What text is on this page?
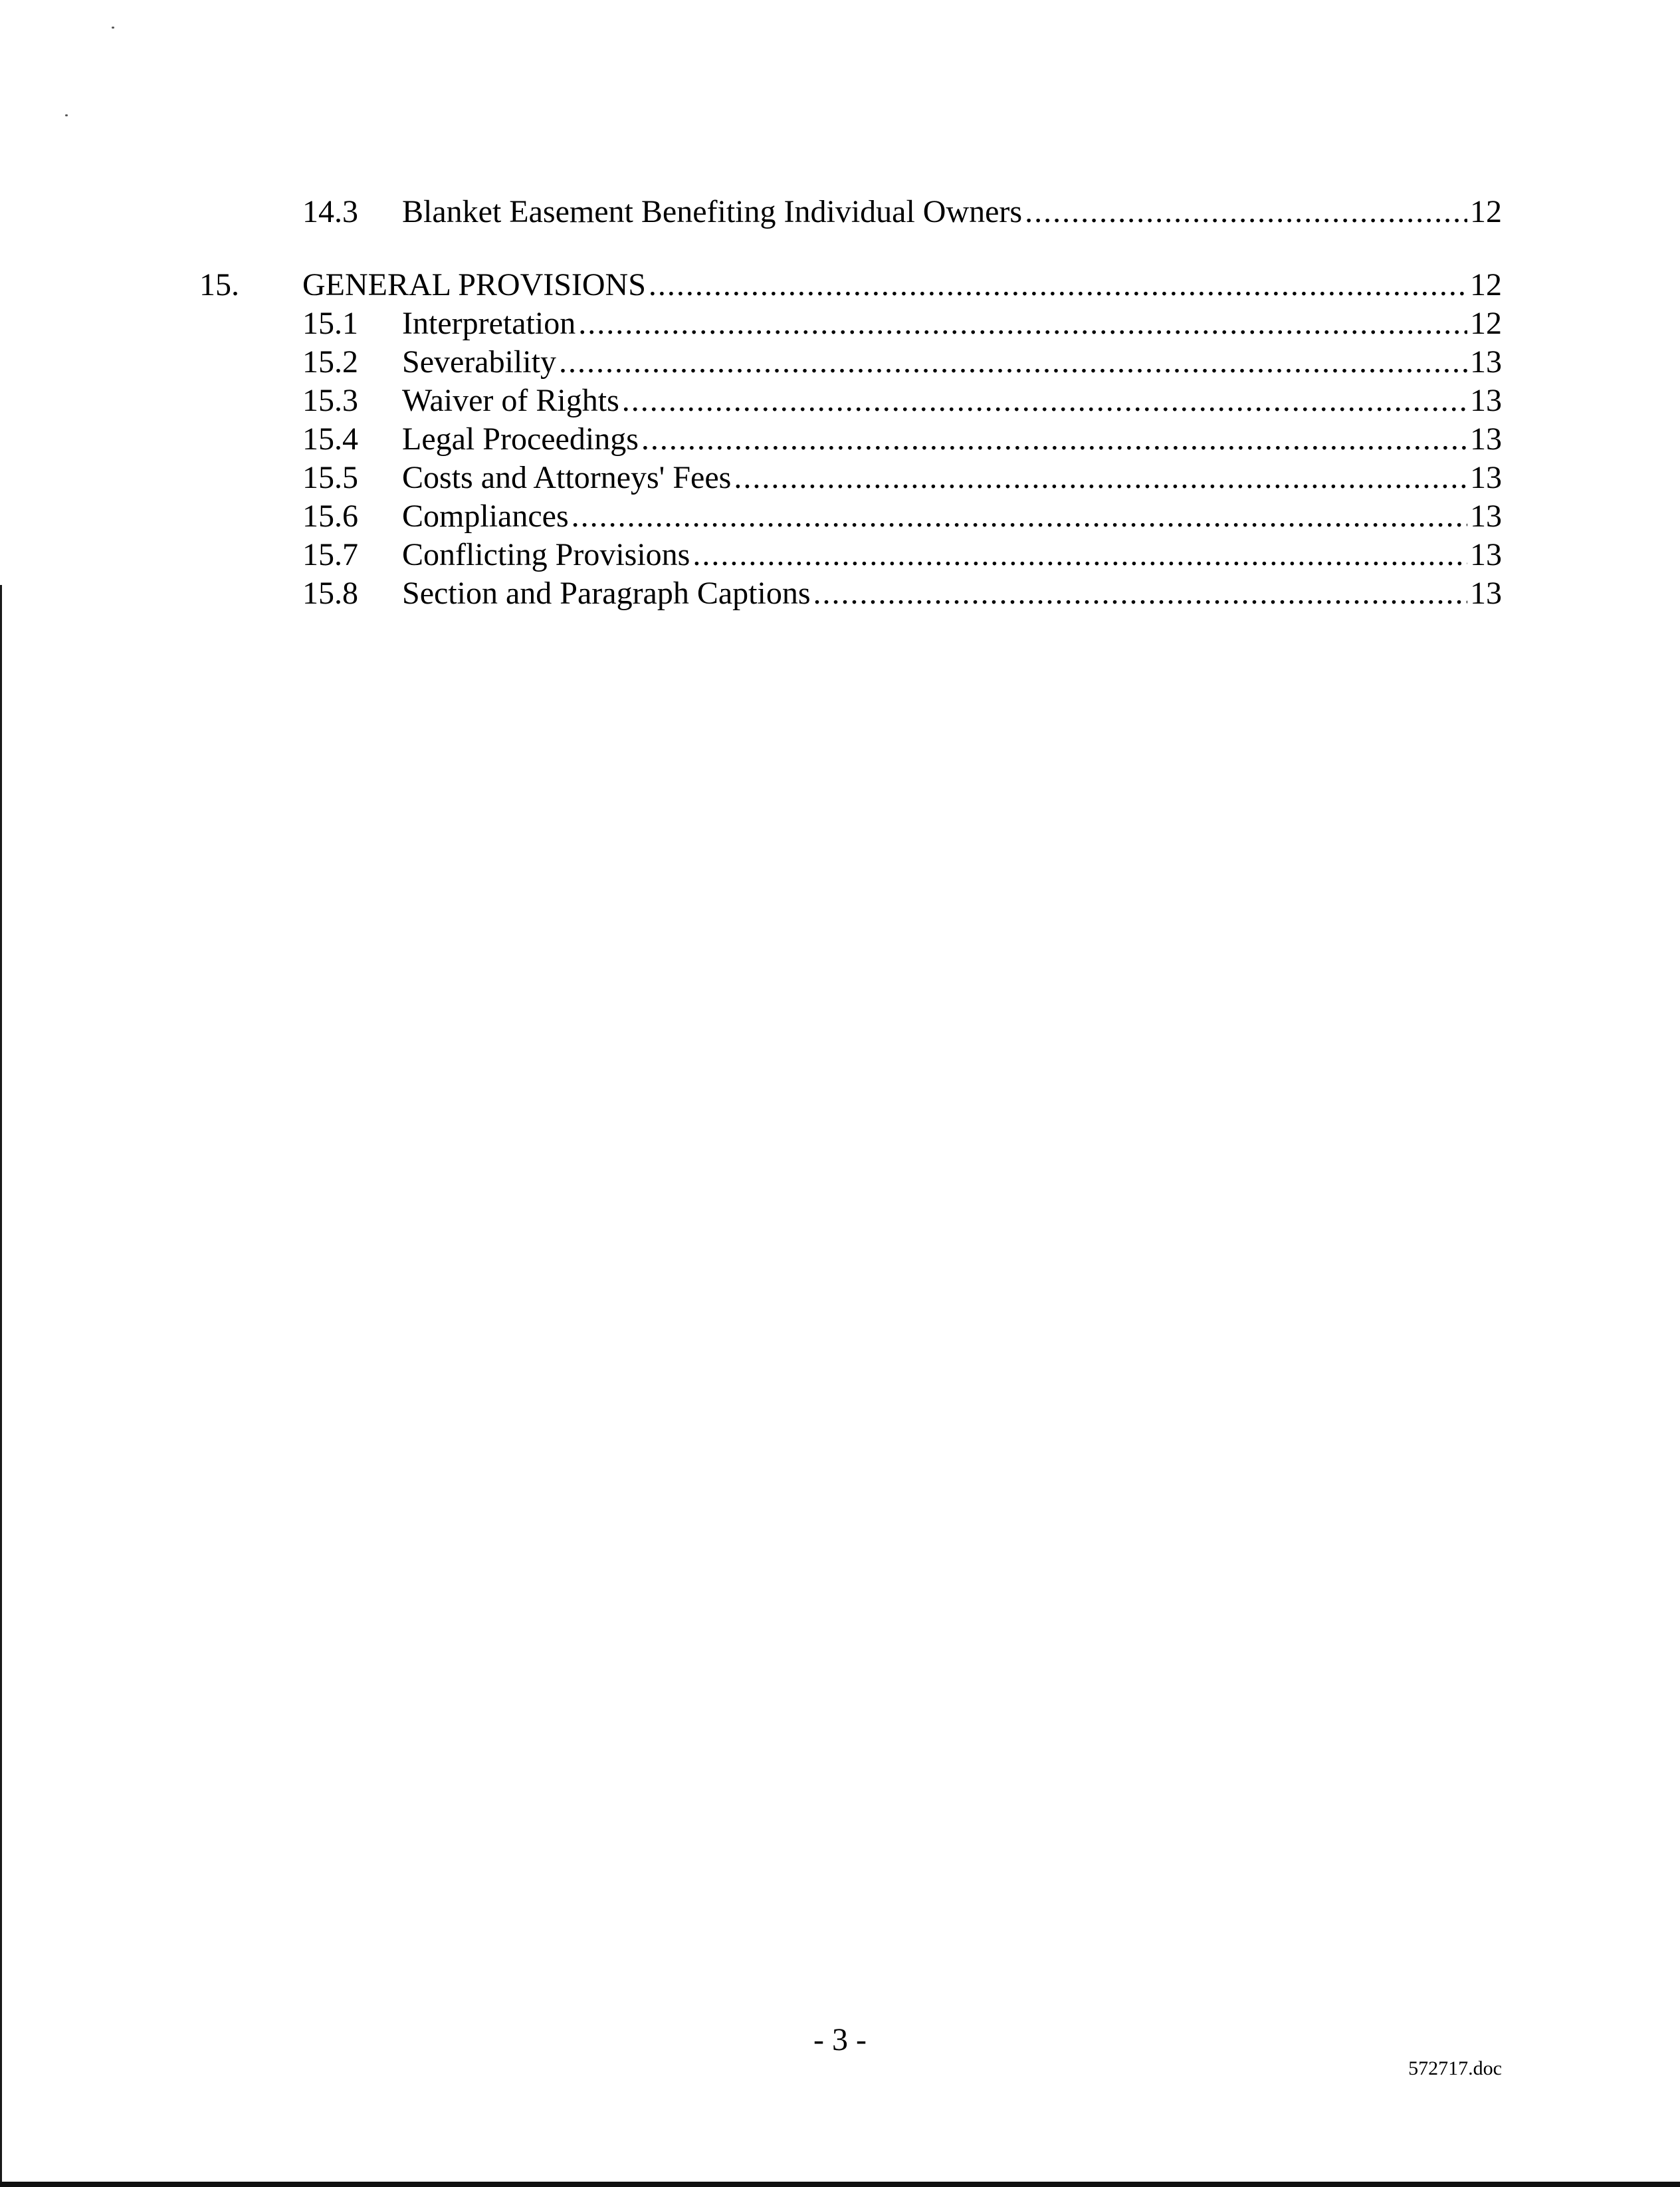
14.3 Blanket Easement Benefiting Individual Owners .....	12
15. GENERAL PROVISIONS .....	12
15.1 Interpretation .....	12
15.2 Severability .....	13
15.3 Waiver of Rights .....	13
15.4 Legal Proceedings .....	13
15.5 Costs and Attorneys' Fees .....	13
15.6 Compliances .....	13
15.7 Conflicting Provisions .....	13
15.8 Section and Paragraph Captions .....	13
- 3 -
572717.doc
